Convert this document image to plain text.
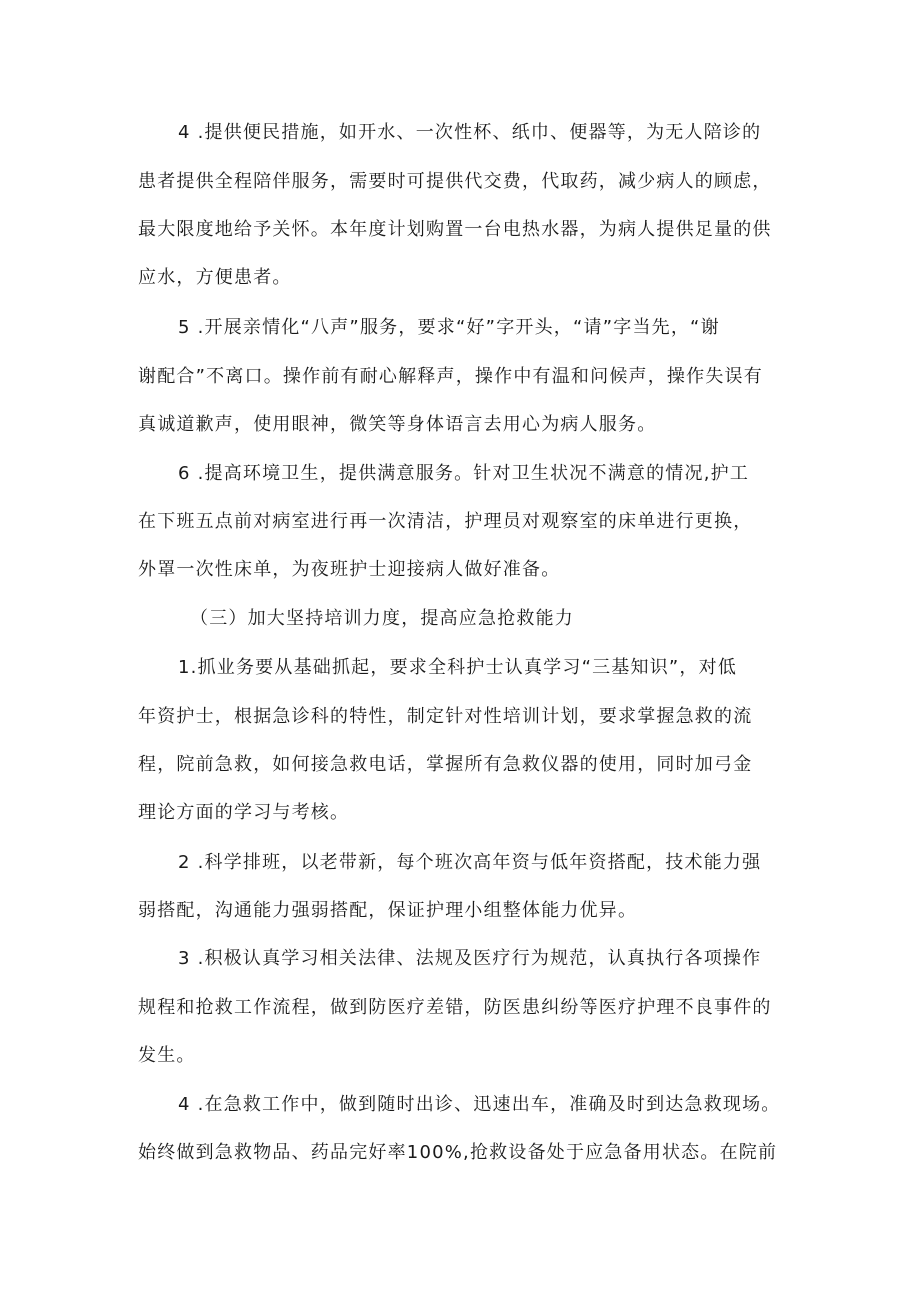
4 .提供便民措施，如开水、一次性杯、纸巾、便器等，为无人陪诊的
患者提供全程陪伴服务，需要时可提供代交费，代取药，减少病人的顾虑，
最大限度地给予关怀。本年度计划购置一台电热水器，为病人提供足量的供
应水，方便患者。
5 .开展亲情化“八声”服务，要求“好”字开头，“请”字当先，“谢
谢配合”不离口。操作前有耐心解释声，操作中有温和问候声，操作失误有
真诚道歉声，使用眼神，微笑等身体语言去用心为病人服务。
6 .提高环境卫生，提供满意服务。针对卫生状况不满意的情况,护工
在下班五点前对病室进行再一次清洁，护理员对观察室的床单进行更换，
外罩一次性床单，为夜班护士迎接病人做好准备。
（三）加大坚持培训力度，提高应急抢救能力
1.抓业务要从基础抓起，要求全科护士认真学习“三基知识”，对低
年资护士，根据急诊科的特性，制定针对性培训计划，要求掌握急救的流
程，院前急救，如何接急救电话，掌握所有急救仪器的使用，同时加弓金
理论方面的学习与考核。
2 .科学排班，以老带新，每个班次高年资与低年资搭配，技术能力强
弱搭配，沟通能力强弱搭配，保证护理小组整体能力优异。
3 .积极认真学习相关法律、法规及医疗行为规范，认真执行各项操作
规程和抢救工作流程，做到防医疗差错，防医患纠纷等医疗护理不良事件的
发生。
4 .在急救工作中，做到随时出诊、迅速出车，准确及时到达急救现场。
始终做到急救物品、药品完好率100%,抢救设备处于应急备用状态。在院前
